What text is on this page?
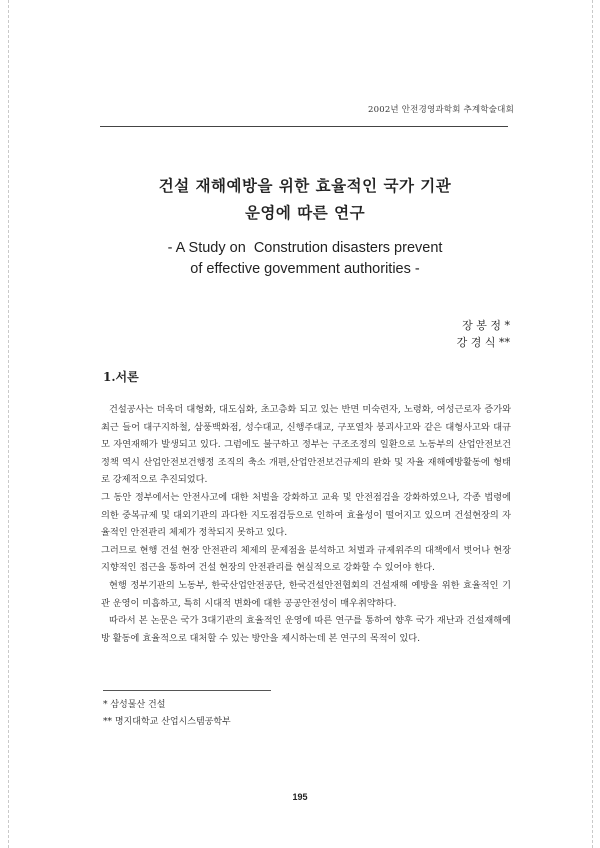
2002년 안전경영과학회 추계학술대회
건설 재해예방을 위한 효율적인 국가 기관
운영에 따른 연구
- A Study on  Constrution disasters prevent
of effective govemment authorities -
장 봉 정 *
강 경 식 **
1.서론
건설공사는 더욱더 대형화, 대도심화, 초고층화 되고 있는 반면 미숙련자, 노령화, 여성근로자 증가와 최근 들어 대구지하철, 삼풍백화점, 성수대교, 신행주대교, 구포열차 붕괴사고와 같은 대형사고와 대규모 자연재해가 발생되고 있다. 그럼에도 불구하고 정부는 구조조정의 일환으로 노동부의 산업안전보건 정책 역시 산업안전보건행정 조직의 축소 개편,산업안전보건규제의 완화 및 자율 재해예방활동에 형태로 강제적으로 추진되었다.
그 동안 정부에서는 안전사고에 대한 처벌을 강화하고 교육 및 안전점검을 강화하였으나, 각종 법령에 의한 중복규제 및 대외기관의 과다한 지도점검등으로 인하여 효율성이 떨어지고 있으며 건설현장의 자율적인 안전관리 체제가 정착되지 못하고 있다.
그러므로 현행 건설 현장 안전관리 체제의 문제점을 분석하고 처벌과 규제위주의 대책에서 벗어나 현장 지향적인 접근을 통하여 건설 현장의 안전관리를 현실적으로 강화할 수 있어야 한다.
현행 정부기관의 노동부, 한국산업안전공단, 한국건설안전협회의 건설재해 예방을 위한 효율적인 기관 운영이 미흡하고, 특히 시대적 변화에 대한 공공안전성이 매우취약하다.
따라서 본 논문은 국가 3대기관의 효율적인 운영에 따른 연구를 통하여 향후 국가 재난과 건설재해예방 활동에 효율적으로 대처할 수 있는 방안을 제시하는데 본 연구의 목적이 있다.
* 삼성물산 건설
** 명지대학교 산업시스템공학부
195
